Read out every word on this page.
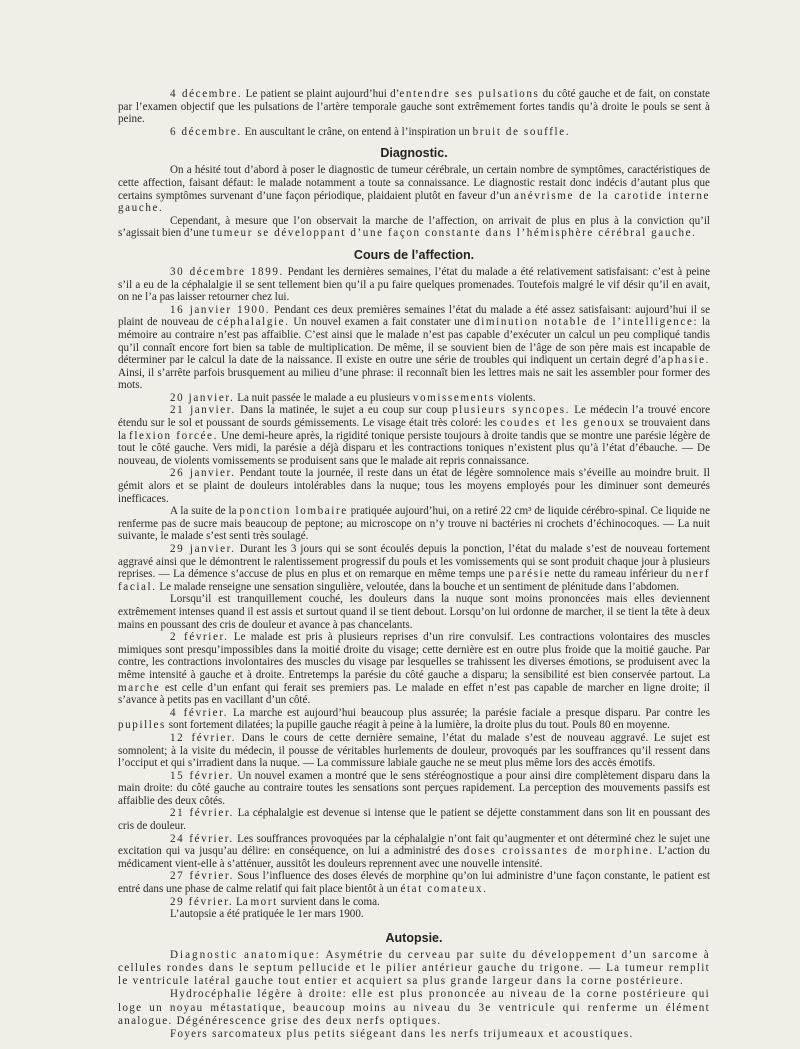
4 décembre. Le patient se plaint aujourd’hui d’entendre ses pulsations du côté gauche et de fait, on constate par l’examen objectif que les pulsations de l’artère temporale gauche sont extrêmement fortes tandis qu’à droite le pouls se sent à peine.

6 décembre. En auscultant le crâne, on entend à l’inspiration un bruit de souffle.

Diagnostic.

On a hésité tout d’abord à poser le diagnostic de tumeur cérébrale, un certain nombre de symptômes, caractéristiques de cette affection, faisant défaut: le malade notamment a toute sa connaissance. Le diagnostic restait donc indécis d’autant plus que certains symptômes survenant d’une façon périodique, plaidaient plutôt en faveur d’un anévrisme de la carotide interne gauche.

Cependant, à mesure que l’on observait la marche de l’affection, on arrivait de plus en plus à la conviction qu’il s’agissait bien d’une tumeur se développant d’une façon constante dans l’hémisphère cérébral gauche.

Cours de l’affection.

30 décembre 1899. Pendant les dernières semaines, l’état du malade a été relativement satisfaisant: c’est à peine s’il a eu de la céphalalgie il se sent tellement bien qu’il a pu faire quelques promenades. Toutefois malgré le vif désir qu’il en avait, on ne l’a pas laisser retourner chez lui.

16 janvier 1900. Pendant ces deux premières semaines l’état du malade a été assez satisfaisant: aujourd’hui il se plaint de nouveau de céphalalgie. Un nouvel examen a fait constater une diminution notable de l’intelligence: la mémoire au contraire n’est pas affaiblie. C’est ainsi que le malade n’est pas capable d’exécuter un calcul un peu compliqué tandis qu’il connaît encore fort bien sa table de multiplication. De même, il se souvient bien de l’âge de son père mais est incapable de déterminer par le calcul la date de la naissance. Il existe en outre une série de troubles qui indiquent un certain degré d’aphasie. Ainsi, il s’arrête parfois brusquement au milieu d’une phrase: il reconnaît bien les lettres mais ne sait les assembler pour former des mots.

20 janvier. La nuit passée le malade a eu plusieurs vomissements violents.

21 janvier. Dans la matinée, le sujet a eu coup sur coup plusieurs syncopes. Le médecin l’a trouvé encore étendu sur le sol et poussant de sourds gémissements. Le visage était très coloré: les coudes et les genoux se trouvaient dans la flexion forcée. Une demi-heure après, la rigidité tonique persiste toujours à droite tandis que se montre une parésie légère de tout le côté gauche. Vers midi, la parésie a déjà disparu et les contractions toniques n’existent plus qu’à l’état d’ébauche. — De nouveau, de violents vomissements se produisent sans que le malade ait repris connaissance.

26 janvier. Pendant toute la journée, il reste dans un état de légère somnolence mais s’éveille au moindre bruit. Il gémit alors et se plaint de douleurs intolérables dans la nuque; tous les moyens employés pour les diminuer sont demeurés inefficaces.

A la suite de la ponction lombaire pratiquée aujourd’hui, on a retiré 22 cm³ de liquide cérébro-spinal. Ce liquide ne renferme pas de sucre mais beaucoup de peptone; au microscope on n’y trouve ni bactéries ni crochets d’échinocoques. — La nuit suivante, le malade s’est senti très soulagé.

29 janvier. Durant les 3 jours qui se sont écoulés depuis la ponction, l’état du malade s’est de nouveau fortement aggravé ainsi que le démontrent le ralentissement progressif du pouls et les vomissements qui se sont produit chaque jour à plusieurs reprises. — La démence s’accuse de plus en plus et on remarque en même temps une parésie nette du rameau inférieur du nerf facial. Le malade renseigne une sensation singulière, veloutée, dans la bouche et un sentiment de plénitude dans l’abdomen.

Lorsqu’il est tranquillement couché, les douleurs dans la nuque sont moins prononcées mais elles deviennent extrêmement intenses quand il est assis et surtout quand il se tient debout. Lorsqu’on lui ordonne de marcher, il se tient la tête à deux mains en poussant des cris de douleur et avance à pas chancelants.

2 février. Le malade est pris à plusieurs reprises d’un rire convulsif. Les contractions volontaires des muscles mimiques sont presqu’impossibles dans la moitié droite du visage; cette dernière est en outre plus froide que la moitié gauche. Par contre, les contractions involontaires des muscles du visage par lesquelles se trahissent les diverses émotions, se produisent avec la même intensité à gauche et à droite. Entretemps la parésie du côté gauche a disparu; la sensibilité est bien conservée partout. La marche est celle d’un enfant qui ferait ses premiers pas. Le malade en effet n’est pas capable de marcher en ligne droite; il s’avance à petits pas en vacillant d’un côté.

4 février. La marche est aujourd’hui beaucoup plus assurée; la parésie faciale a presque disparu. Par contre les pupilles sont fortement dilatées; la pupille gauche réagit à peine à la lumière, la droite plus du tout. Pouls 80 en moyenne.

12 février. Dans le cours de cette dernière semaine, l’état du malade s’est de nouveau aggravé. Le sujet est somnolent; à la visite du médecin, il pousse de véritables hurlements de douleur, provoqués par les souffrances qu’il ressent dans l’occiput et qui s’irradient dans la nuque. — La commissure labiale gauche ne se meut plus même lors des accès émotifs.

15 février. Un nouvel examen a montré que le sens stéréognostique a pour ainsi dire complètement disparu dans la main droite: du côté gauche au contraire toutes les sensations sont perçues rapidement. La perception des mouvements passifs est affaiblie des deux côtés.

21 février. La céphalalgie est devenue si intense que le patient se déjette constamment dans son lit en poussant des cris de douleur.

24 février. Les souffrances provoquées par la céphalalgie n’ont fait qu’augmenter et ont déterminé chez le sujet une excitation qui va jusqu’au délire: en conséquence, on lui a administré des doses croissantes de morphine. L’action du médicament vient-elle à s’atténuer, aussitôt les douleurs reprennent avec une nouvelle intensité.

27 février. Sous l’influence des doses élevés de morphine qu’on lui administre d’une façon constante, le patient est entré dans une phase de calme relatif qui fait place bientôt à un état comateux.

29 février. La mort survient dans le coma.

L’autopsie a été pratiquée le 1er mars 1900.

Autopsie.

Diagnostic anatomique: Asymétrie du cerveau par suite du développement d’un sarcome à cellules rondes dans le septum pellucide et le pilier antérieur gauche du trigone. — La tumeur remplit le ventricule latéral gauche tout entier et acquiert sa plus grande largeur dans la corne postérieure.

Hydrocéphalie légère à droite: elle est plus prononcée au niveau de la corne postérieure qui loge un noyau métastatique, beaucoup moins au niveau du 3e ventricule qui renferme un élément analogue. Dégénérescence grise des deux nerfs optiques.

Foyers sarcomateux plus petits siégeant dans les nerfs trijumeaux et acoustiques.
